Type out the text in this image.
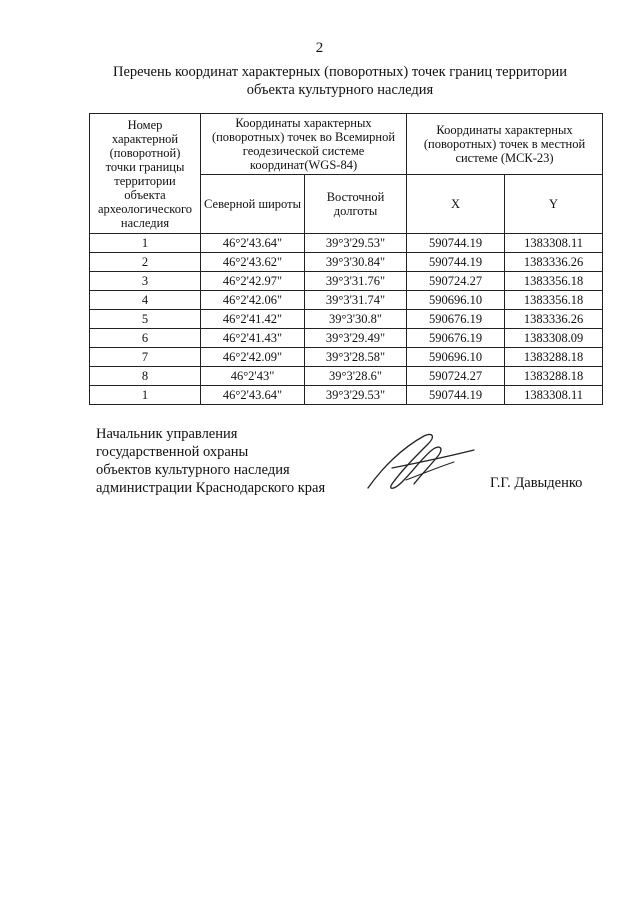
2
Перечень координат характерных (поворотных) точек границ территории
объекта культурного наследия
Номер характерной (поворотной) точки границы территории объекта археологического наследия	Координаты характерных (поворотных) точек во Всемирной геодезической системе координат(WGS-84)		Координаты характерных (поворотных) точек в местной системе (МСК-23)	
	Северной широты	Восточной долготы	X	Y
1	46°2'43.64"	39°3'29.53"	590744.19	1383308.11
2	46°2'43.62"	39°3'30.84"	590744.19	1383336.26
3	46°2'42.97"	39°3'31.76"	590724.27	1383356.18
4	46°2'42.06"	39°3'31.74"	590696.10	1383356.18
5	46°2'41.42"	39°3'30.8"	590676.19	1383336.26
6	46°2'41.43"	39°3'29.49"	590676.19	1383308.09
7	46°2'42.09"	39°3'28.58"	590696.10	1383288.18
8	46°2'43"	39°3'28.6"	590724.27	1383288.18
1	46°2'43.64"	39°3'29.53"	590744.19	1383308.11
Начальник управления
государственной охраны
объектов культурного наследия
администрации Краснодарского края	Г.Г. Давыденко
